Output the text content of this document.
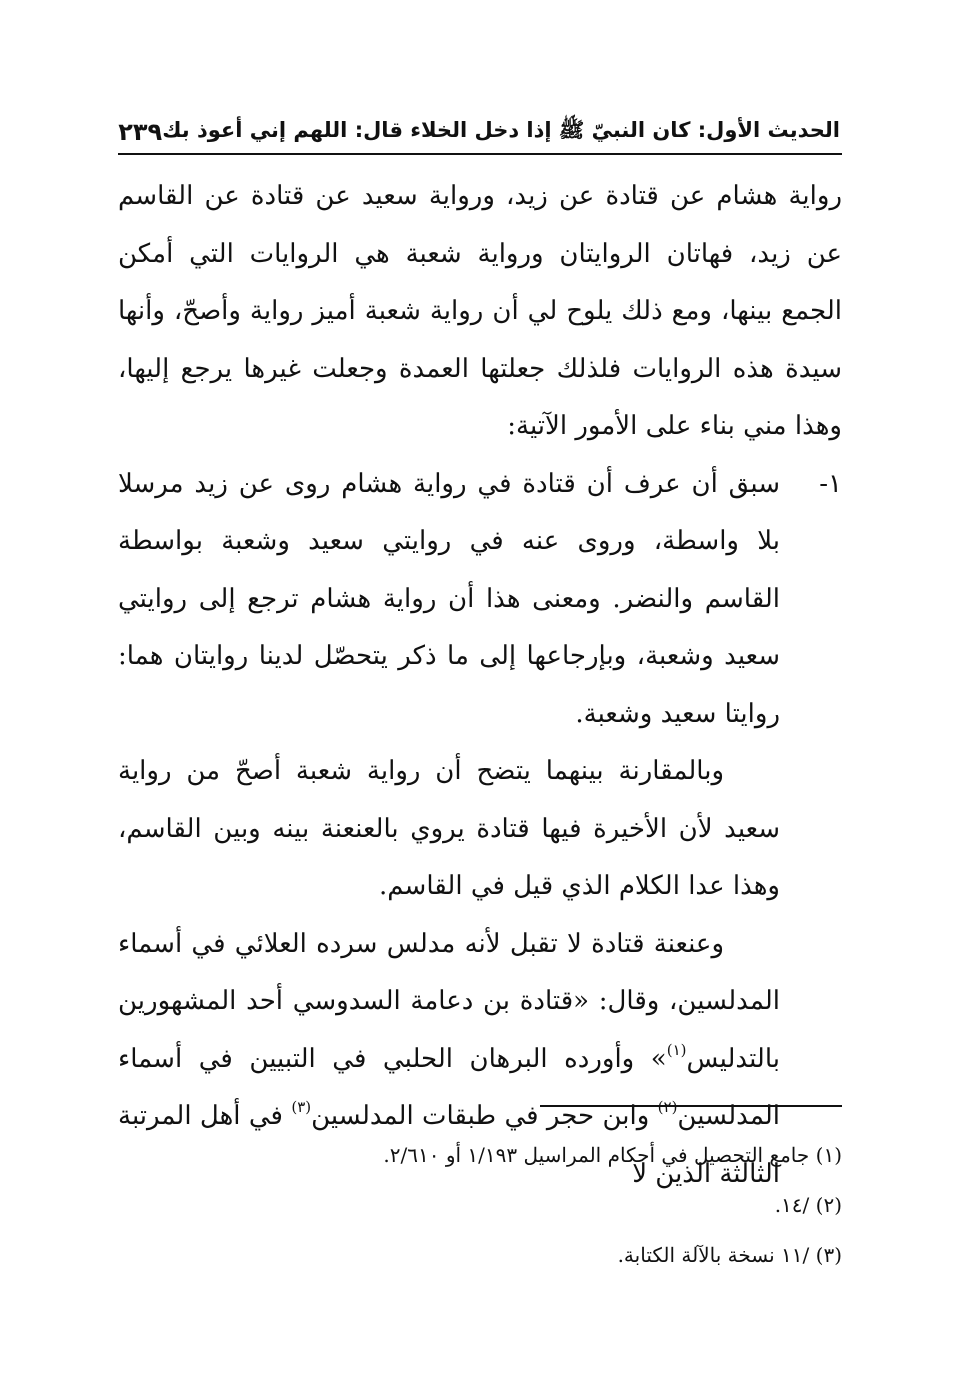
الحديث الأول: كان النبيّ ﷺ إذا دخل الخلاء قال: اللهم إني أعوذ بك
٢٣٩

رواية هشام عن قتادة عن زيد، ورواية سعيد عن قتادة عن القاسم عن زيد، فهاتان الروايتان ورواية شعبة هي الروايات التي أمكن الجمع بينها، ومع ذلك يلوح لي أن رواية شعبة أميز رواية وأصحّ، وأنها سيدة هذه الروايات فلذلك جعلتها العمدة وجعلت غيرها يرجع إليها، وهذا مني بناء على الأمور الآتية:

١-
سبق أن عرف أن قتادة في رواية هشام روى عن زيد مرسلا بلا واسطة، وروى عنه في روايتي سعيد وشعبة بواسطة القاسم والنضر. ومعنى هذا أن رواية هشام ترجع إلى روايتي سعيد وشعبة، وبإرجاعها إلى ما ذكر يتحصّل لدينا روايتان هما: روايتا سعيد وشعبة.

وبالمقارنة بينهما يتضح أن رواية شعبة أصحّ من رواية سعيد لأن الأخيرة فيها قتادة يروي بالعنعنة بينه وبين القاسم، وهذا عدا الكلام الذي قيل في القاسم.

وعنعنة قتادة لا تقبل لأنه مدلس سرده العلائي في أسماء المدلسين، وقال: «قتادة بن دعامة السدوسي أحد المشهورين بالتدليس$^{(١)}$» وأورده البرهان الحلبي في التبيين في أسماء المدلسين$^{(٢)}$ وابن حجر في طبقات المدلسين$^{(٣)}$ في أهل المرتبة الثالثة الذين لا

(١) جامع التحصيل في أحكام المراسيل ١/١٩٣ أو ٢/٦١٠.

(٢) /١٤.

(٣) /١١ نسخة بالآلة الكتابة.
